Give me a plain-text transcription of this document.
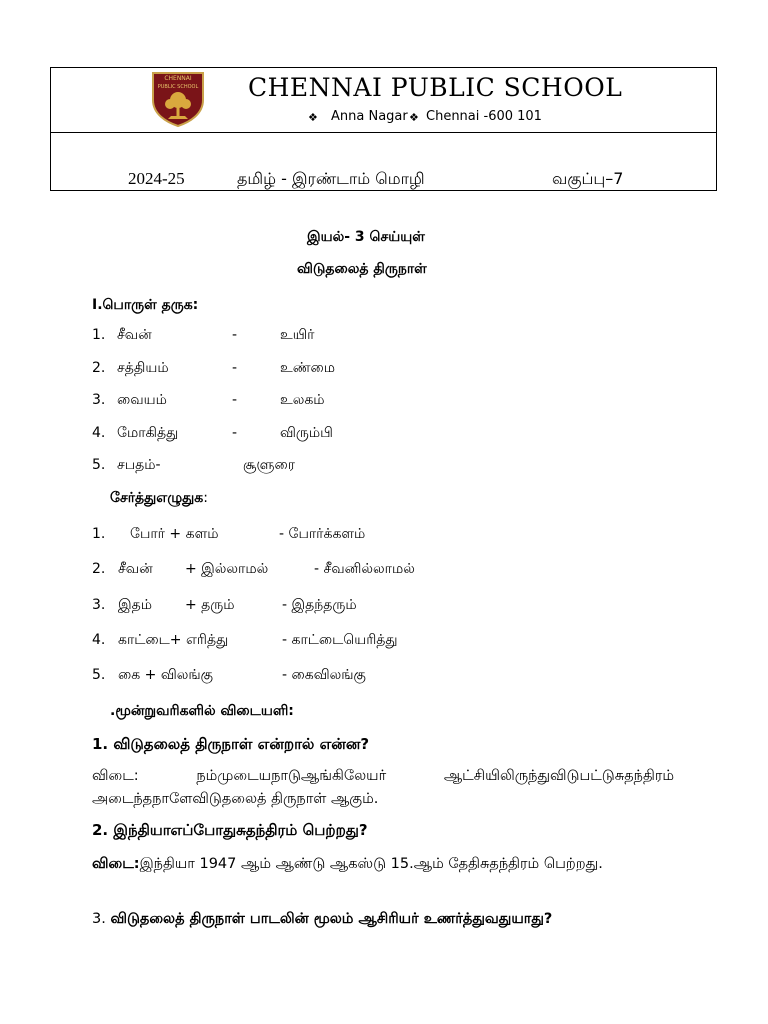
CHENNAI
PUBLIC SCHOOL CHENNAI PUBLIC SCHOOL
❖ Anna Nagar ❖ Chennai -600 101
2024-25	தமிழ் - இரண்டாம் மொழி	வகுப்பு–7
இயல்- 3 செய்யுள்
விடுதலைத் திருநாள்
I.பொருள் தருக:
1. சீவன்	-	உயிர்
2. சத்தியம்	-	உண்மை
3. வையம்	-	உலகம்
4. மோகித்து	-	விரும்பி
5. சபதம்-	சூளுரை
சேர்த்துஎழுதுக:
1. போர் + களம்	- போர்க்களம்
2. சீவன் + இல்லாமல்	- சீவனில்லாமல்
3. இதம் + தரும்	- இதந்தரும்
4. காட்டை+ எரித்து	- காட்டையெரித்து
5. கை + விலங்கு	- கைவிலங்கு
.மூன்றுவரிகளில் விடையளி:
1. விடுதலைத் திருநாள் என்றால் என்ன?
விடை:	நம்முடையநாடுஆங்கிலேயர் ஆட்சியிலிருந்துவிடுபட்டுசுதந்திரம் அடைந்தநாளேவிடுதலைத் திருநாள் ஆகும்.
2. இந்தியாஎப்போதுசுதந்திரம் பெற்றது?
விடை:இந்தியா 1947 ஆம் ஆண்டு ஆகஸ்டு 15.ஆம் தேதிசுதந்திரம் பெற்றது.
3. விடுதலைத் திருநாள் பாடலின் மூலம் ஆசிரியர் உணர்த்துவதுயாது?
